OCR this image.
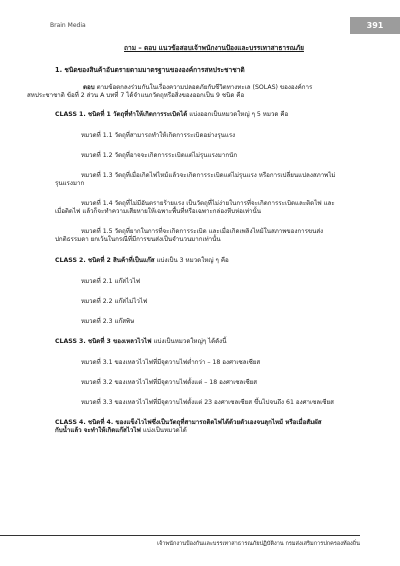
Brain Media	391
ถาม – ตอบ แนวข้อสอบเจ้าพนักงานป้องและบรรเทาสาธารณภัย
1. ชนิดของสินค้าอันตรายตามมาตรฐานขององค์การสหประชาชาติ
ตอบ ตามข้อตกลงร่วมกันในเรื่องความปลอดภัยกับชีวิตทางทะเล (SOLAS) ขององค์การ
สหประชาชาติ ข้อที่ 2 ส่วน A บทที่ 7 ได้จำแนกวัตถุหรือสิ่งของออกเป็น 9 ชนิด คือ
CLASS 1. ชนิดที่ 1 วัตถุที่ทำให้เกิดการระเบิดได้ แบ่งออกเป็นหมวดใหญ่ ๆ 5 หมวด คือ
หมวดที่ 1.1 วัตถุที่สามารถทำให้เกิดการระเบิดอย่างรุนแรง
หมวดที่ 1.2 วัตถุที่อาจจะเกิดการระเบิดแต่ไม่รุนแรงมากนัก
หมวดที่ 1.3 วัตถุที่เมื่อเกิดไฟไหม้แล้วจะเกิดการระเบิดแต่ไม่รุนแรง หรือการเปลี่ยนแปลงสภาพไม่
รุนแรงมาก
หมวดที่ 1.4 วัตถุที่ไม่มีอันตรายร้ายแรง เป็นวัตถุที่ไม่ง่ายในการที่จะเกิดการระเบิดและติดไฟ และ
เมื่อติดไฟ แล้วก็จะทำความเสียหายให้เฉพาะพื้นที่หรือเฉพาะกล่องหีบห่อเท่านั้น
หมวดที่ 1.5 วัตถุที่ยากในการที่จะเกิดการระเบิด และเมื่อเกิดเพลิงไหม้ในสภาพของการขนส่ง
ปกติธรรมดา ยกเว้นในกรณีที่มีการขนส่งเป็นจำนวนมากเท่านั้น
CLASS 2. ชนิดที่ 2 สินค้าที่เป็นแก๊ส แบ่งเป็น 3 หมวดใหญ่ ๆ คือ
หมวดที่ 2.1 แก๊สไวไฟ
หมวดที่ 2.2 แก๊สไม่ไวไฟ
หมวดที่ 2.3 แก๊สพิษ
CLASS 3. ชนิดที่ 3 ของเหลวไวไฟ แบ่งเป็นหมวดใหญ่ๆ ได้ดังนี้
หมวดที่ 3.1 ของเหลวไวไฟที่มีจุดวาบไฟต่ำกว่า – 18 องศาเซลเซียส
หมวดที่ 3.2 ของเหลวไวไฟที่มีจุดวาบไฟตั้งแต่ – 18 องศาเซลเซียส
หมวดที่ 3.3 ของเหลวไวไฟที่มีจุดวาบไฟตั้งแต่ 23 องศาเซลเซียส ขึ้นไปจนถึง 61 องศาเซลเซียส
CLASS 4. ชนิดที่ 4. ของแข็งไวไฟซึ่งเป็นวัตถุที่สามารถติดไฟได้ด้วยตัวเองจนลุกไหม้ หรือเมื่อสัมผัส
กับน้ำแล้ว จะทำให้เกิดแก๊สไวไฟ แบ่งเป็นหมวดได้
เจ้าพนักงานป้องกันและบรรเทาสาธารณภัยปฏิบัติงาน กรมส่งเสริมการปกครองท้องถิ่น
